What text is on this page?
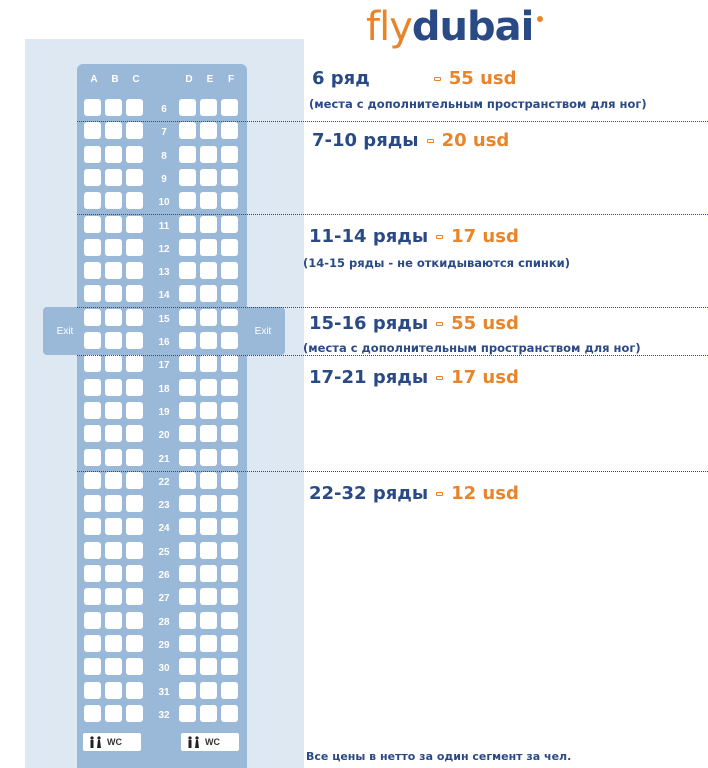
flydubai
Exit	Exit
A	B	C	D	E	F
6
7
8
9
10
11
12
13
14
15
16
17
18
19
20
21
22
23
24
25
26
27
28
29
30
31
32
WC	WC
6 ряд	55 usd
(места с дополнительным пространством для ног)
7-10 ряды 20 usd
11-14 ряды 17 usd
(14-15 ряды - не откидываются спинки)
15-16 ряды 55 usd
(места с дополнительным пространством для ног)
17-21 ряды 17 usd
22-32 ряды 12 usd
Все цены в нетто за один сегмент за чел.
